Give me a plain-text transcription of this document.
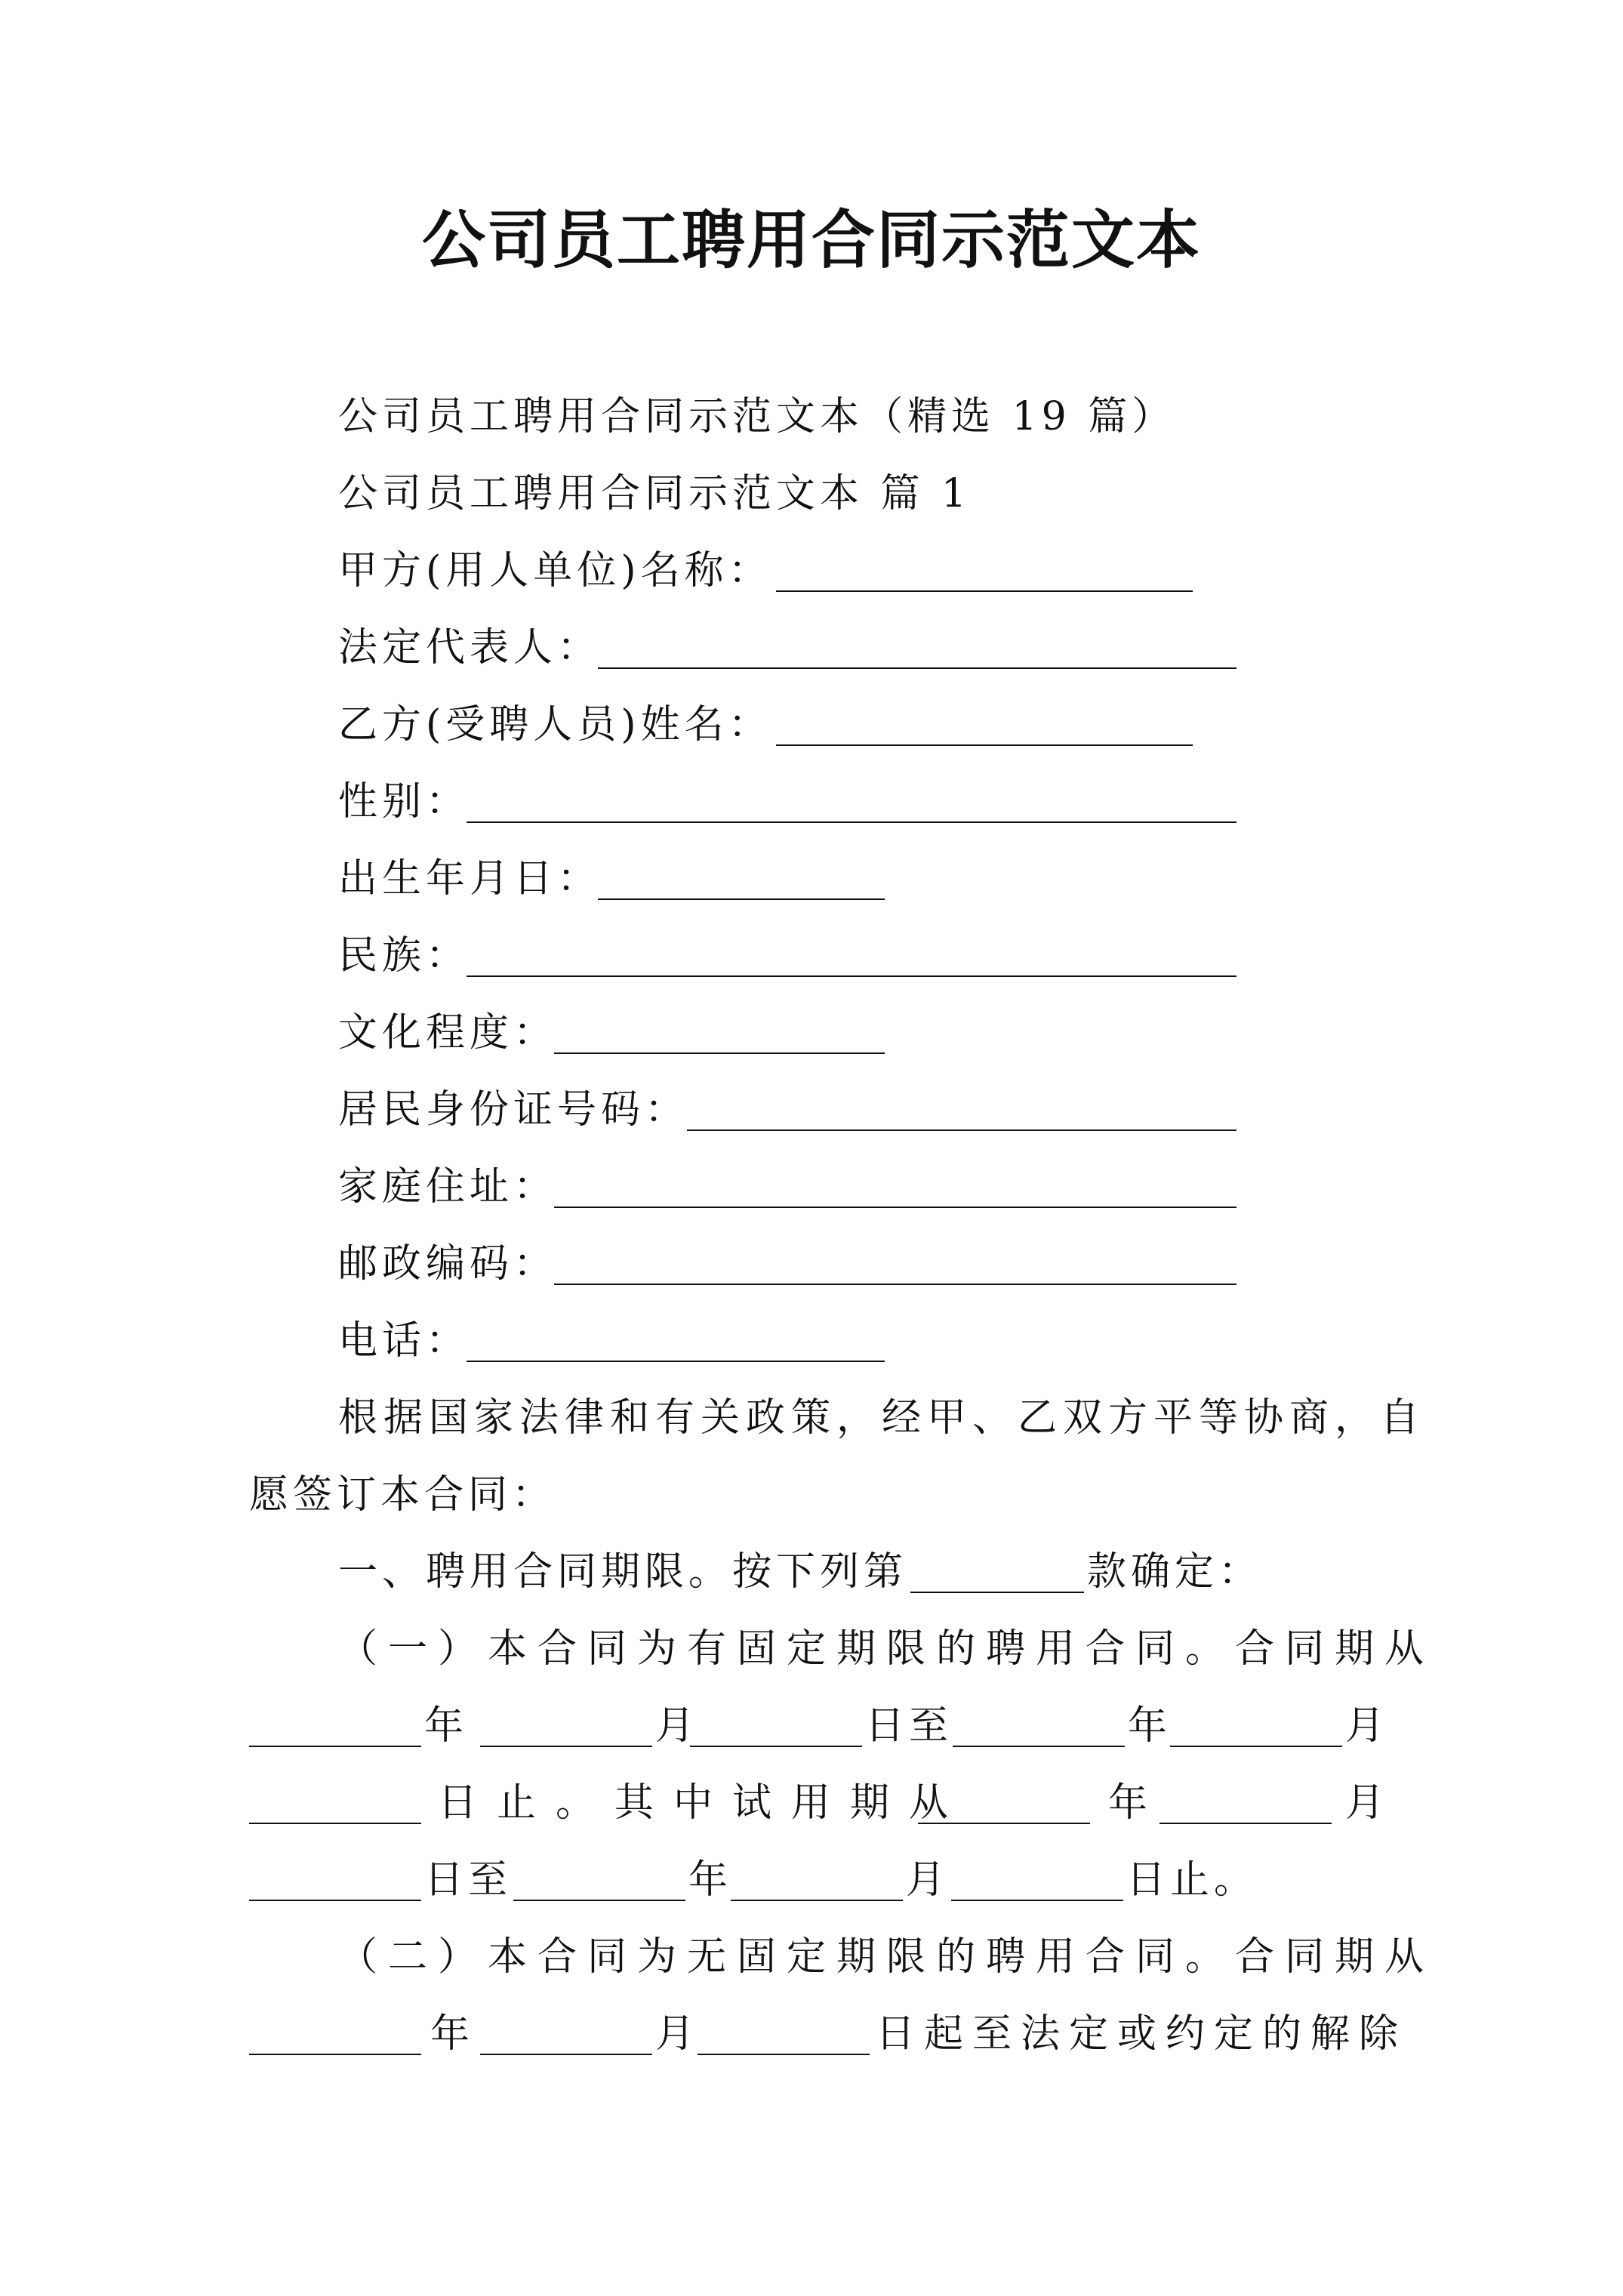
公司员工聘用合同示范文本
公司员工聘用合同示范文本（精选 19 篇）
公司员工聘用合同示范文本 篇 1
甲方(用人单位)名称：
法定代表人：
乙方(受聘人员)姓名：
性别：
出生年月日：
民族：
文化程度：
居民身份证号码：
家庭住址：
邮政编码：
电话：
根据国家法律和有关政策，经甲、乙双方平等协商，自
愿签订本合同：
一、聘用合同期限。按下列第	款确定：
（一）本合同为有固定期限的聘用合同。合同期从
年	月	日至	年	月
日止。其中试用期从	年	月
日至	年	月	日止。
（二）本合同为无固定期限的聘用合同。合同期从
年	月	日起至法定或约定的解除
